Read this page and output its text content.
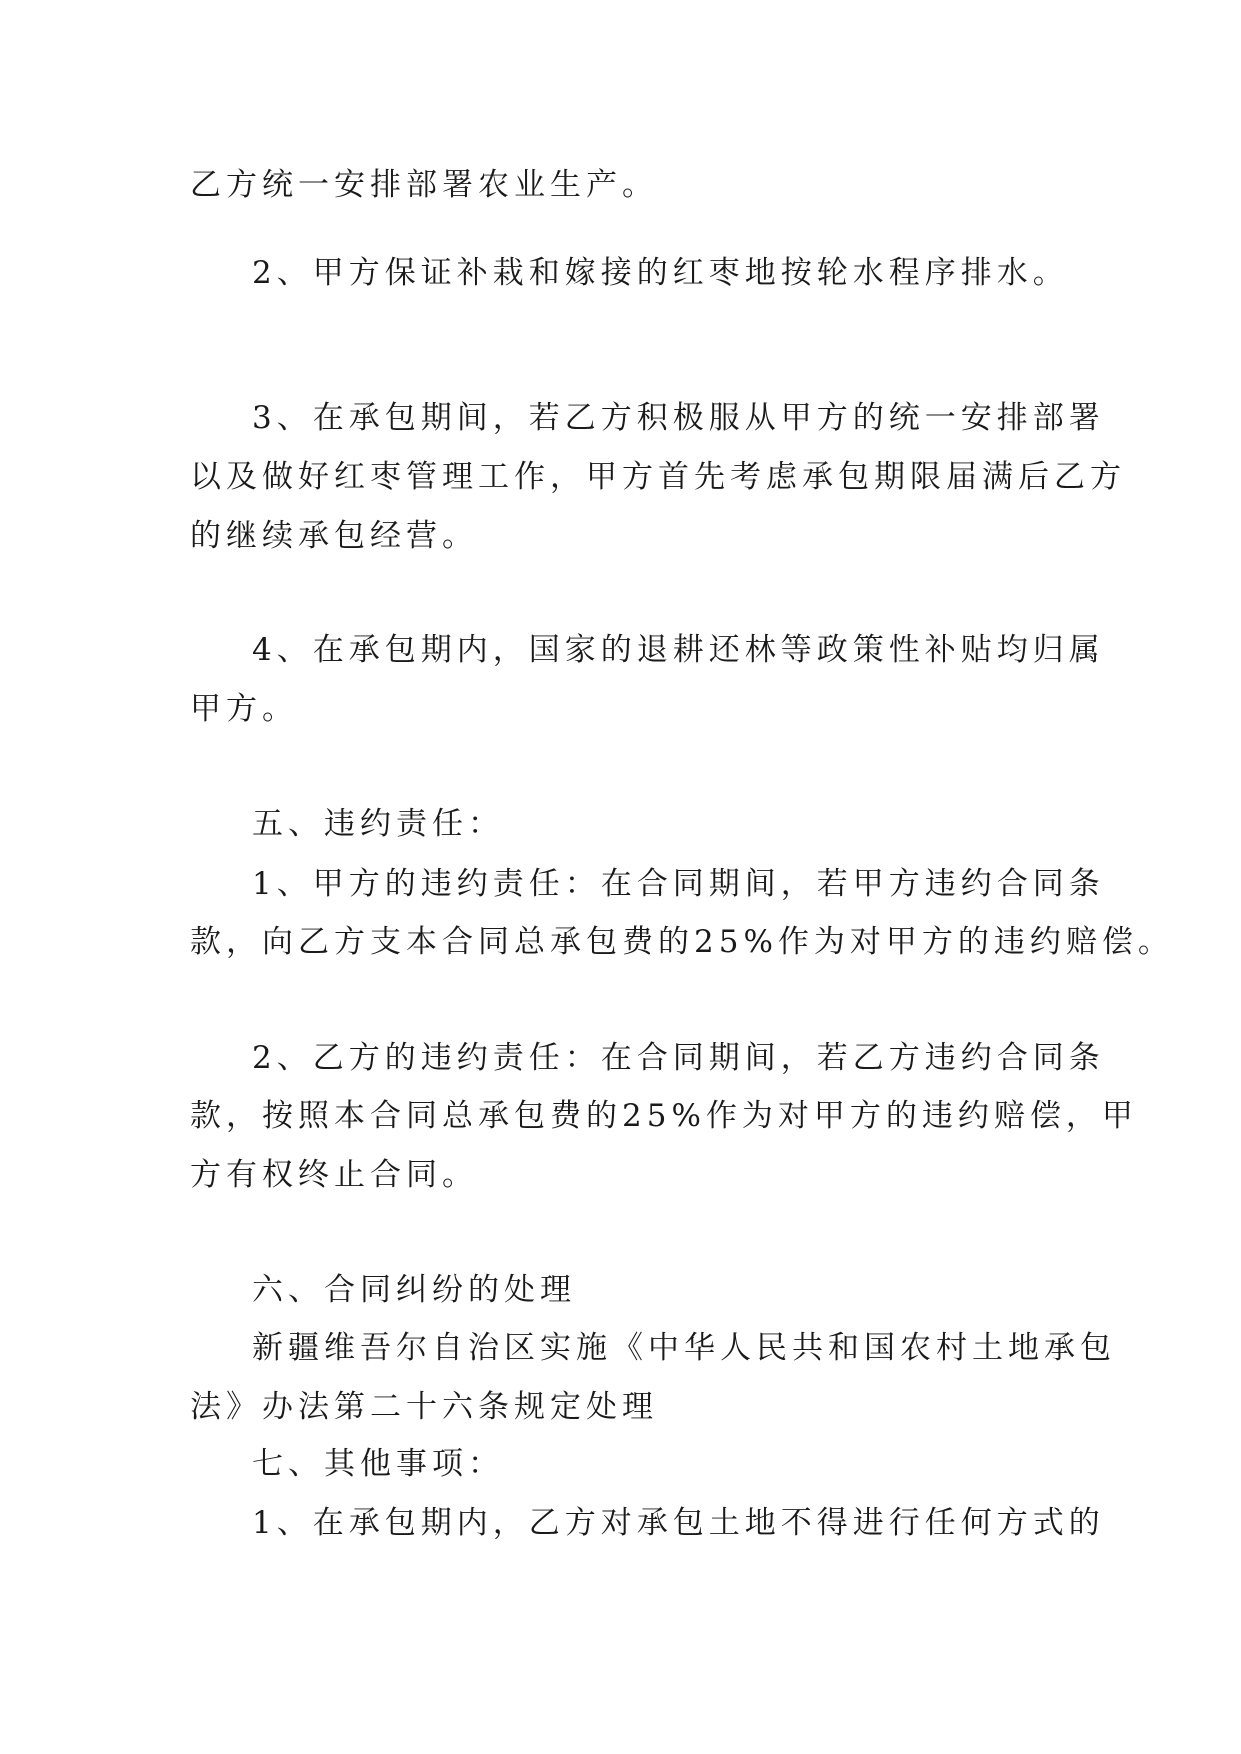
乙方统一安排部署农业生产。
2、甲方保证补栽和嫁接的红枣地按轮水程序排水。
3、在承包期间，若乙方积极服从甲方的统一安排部署
以及做好红枣管理工作，甲方首先考虑承包期限届满后乙方
的继续承包经营。
4、在承包期内，国家的退耕还林等政策性补贴均归属
甲方。
五、违约责任：
1、甲方的违约责任：在合同期间，若甲方违约合同条
款，向乙方支本合同总承包费的25%作为对甲方的违约赔偿。
2、乙方的违约责任：在合同期间，若乙方违约合同条
款，按照本合同总承包费的25%作为对甲方的违约赔偿，甲
方有权终止合同。
六、合同纠纷的处理
新疆维吾尔自治区实施《中华人民共和国农村土地承包
法》办法第二十六条规定处理
七、其他事项：
1、在承包期内，乙方对承包土地不得进行任何方式的
